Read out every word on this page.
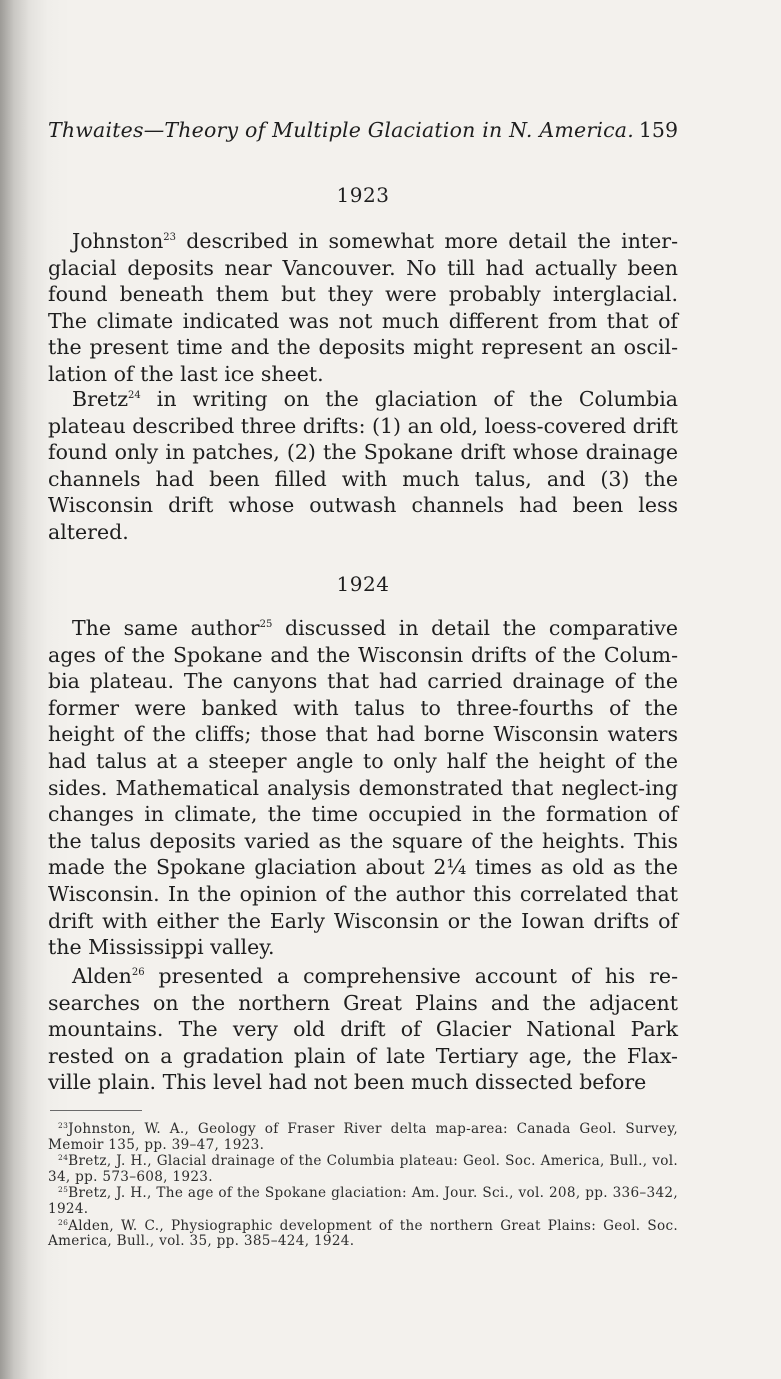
Thwaites—Theory of Multiple Glaciation in N. America. 159
1923

Johnston$^{23}$ described in somewhat more detail the inter-glacial deposits near Vancouver. No till had actually been found beneath them but they were probably interglacial. The climate indicated was not much different from that of the present time and the deposits might represent an oscil-lation of the last ice sheet.

Bretz$^{24}$ in writing on the glaciation of the Columbia plateau described three drifts: (1) an old, loess-covered drift found only in patches, (2) the Spokane drift whose drainage channels had been filled with much talus, and (3) the Wisconsin drift whose outwash channels had been less altered.

1924

The same author$^{25}$ discussed in detail the comparative ages of the Spokane and the Wisconsin drifts of the Colum-bia plateau. The canyons that had carried drainage of the former were banked with talus to three-fourths of the height of the cliffs; those that had borne Wisconsin waters had talus at a steeper angle to only half the height of the sides. Mathematical analysis demonstrated that neglect-ing changes in climate, the time occupied in the formation of the talus deposits varied as the square of the heights. This made the Spokane glaciation about 2¼ times as old as the Wisconsin. In the opinion of the author this correlated that drift with either the Early Wisconsin or the Iowan drifts of the Mississippi valley.

Alden$^{26}$ presented a comprehensive account of his re-searches on the northern Great Plains and the adjacent mountains. The very old drift of Glacier National Park rested on a gradation plain of late Tertiary age, the Flax-ville plain. This level had not been much dissected before

$^{23}$Johnston, W. A., Geology of Fraser River delta map-area: Canada Geol. Survey, Memoir 135, pp. 39–47, 1923.

$^{24}$Bretz, J. H., Glacial drainage of the Columbia plateau: Geol. Soc. America, Bull., vol. 34, pp. 573–608, 1923.

$^{25}$Bretz, J. H., The age of the Spokane glaciation: Am. Jour. Sci., vol. 208, pp. 336–342, 1924.

$^{26}$Alden, W. C., Physiographic development of the northern Great Plains: Geol. Soc. America, Bull., vol. 35, pp. 385–424, 1924.
